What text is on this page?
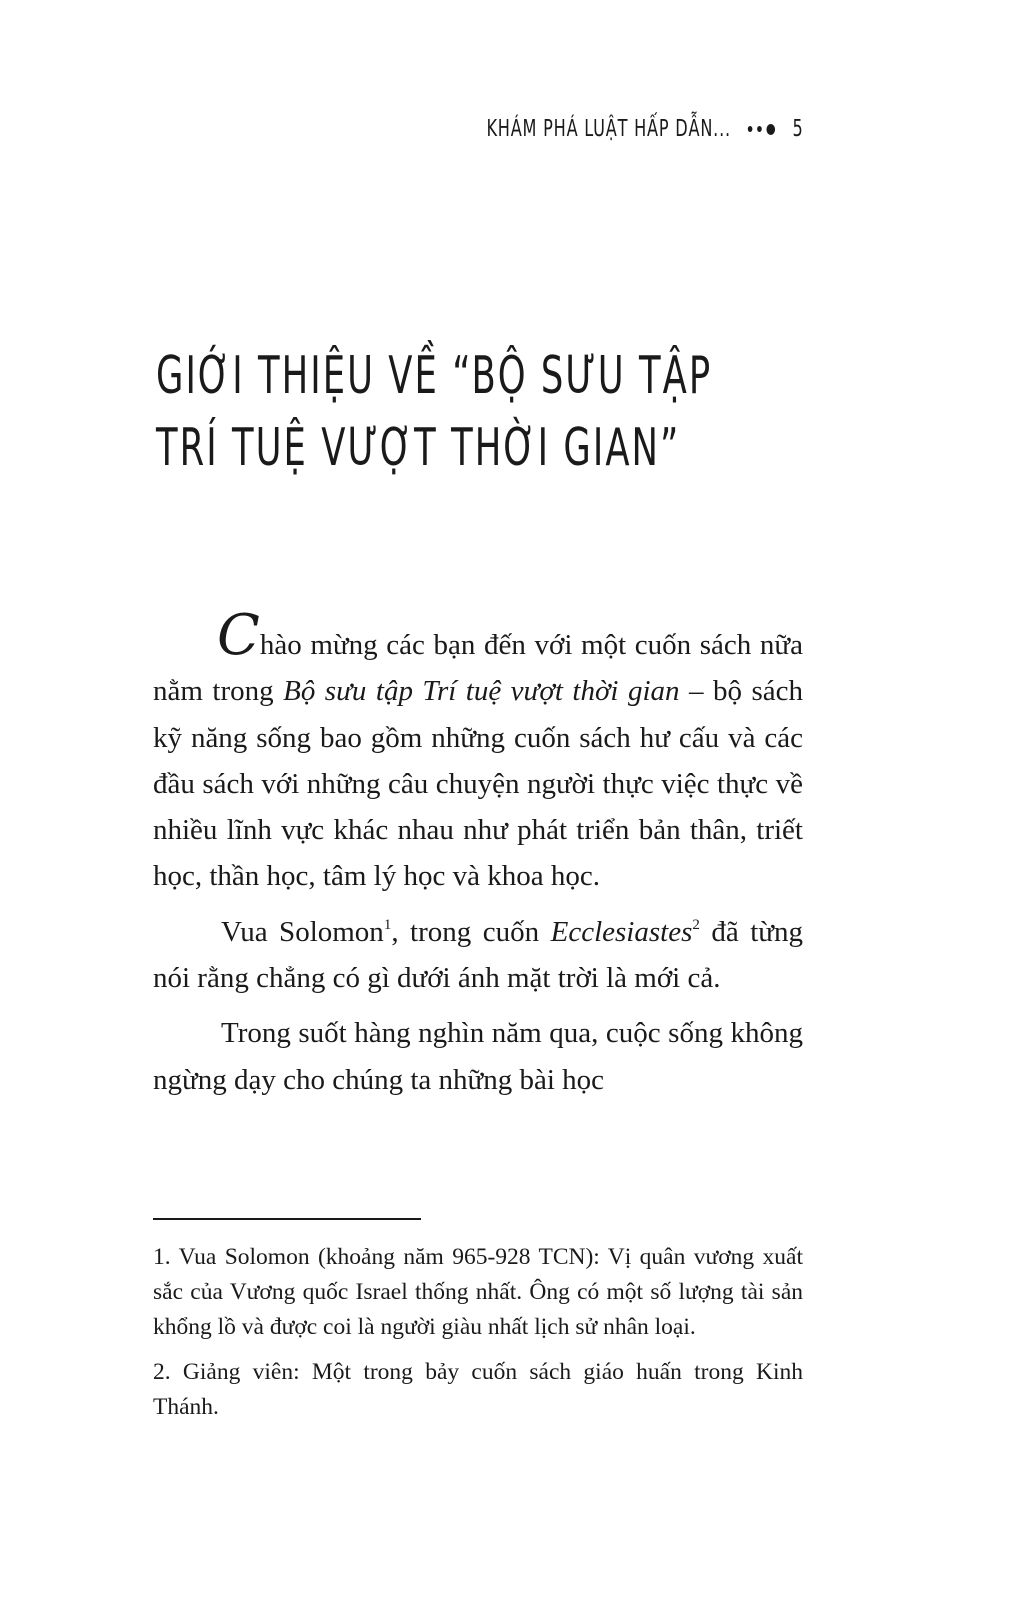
KHÁM PHÁ LUẬT HẤP DẪN...	5
GIỚI THIỆU VỀ “BỘ SƯU TẬP
TRÍ TUỆ VƯỢT THỜI GIAN”

Chào mừng các bạn đến với một cuốn sách nữa nằm trong Bộ sưu tập Trí tuệ vượt thời gian – bộ sách kỹ năng sống bao gồm những cuốn sách hư cấu và các đầu sách với những câu chuyện người thực việc thực về nhiều lĩnh vực khác nhau như phát triển bản thân, triết học, thần học, tâm lý học và khoa học.

Vua Solomon$^1$, trong cuốn Ecclesiastes$^2$ đã từng nói rằng chẳng có gì dưới ánh mặt trời là mới cả.

Trong suốt hàng nghìn năm qua, cuộc sống không ngừng dạy cho chúng ta những bài học

1. Vua Solomon (khoảng năm 965-928 TCN): Vị quân vương xuất sắc của Vương quốc Israel thống nhất. Ông có một số lượng tài sản khổng lồ và được coi là người giàu nhất lịch sử nhân loại.

2. Giảng viên: Một trong bảy cuốn sách giáo huấn trong Kinh Thánh.
